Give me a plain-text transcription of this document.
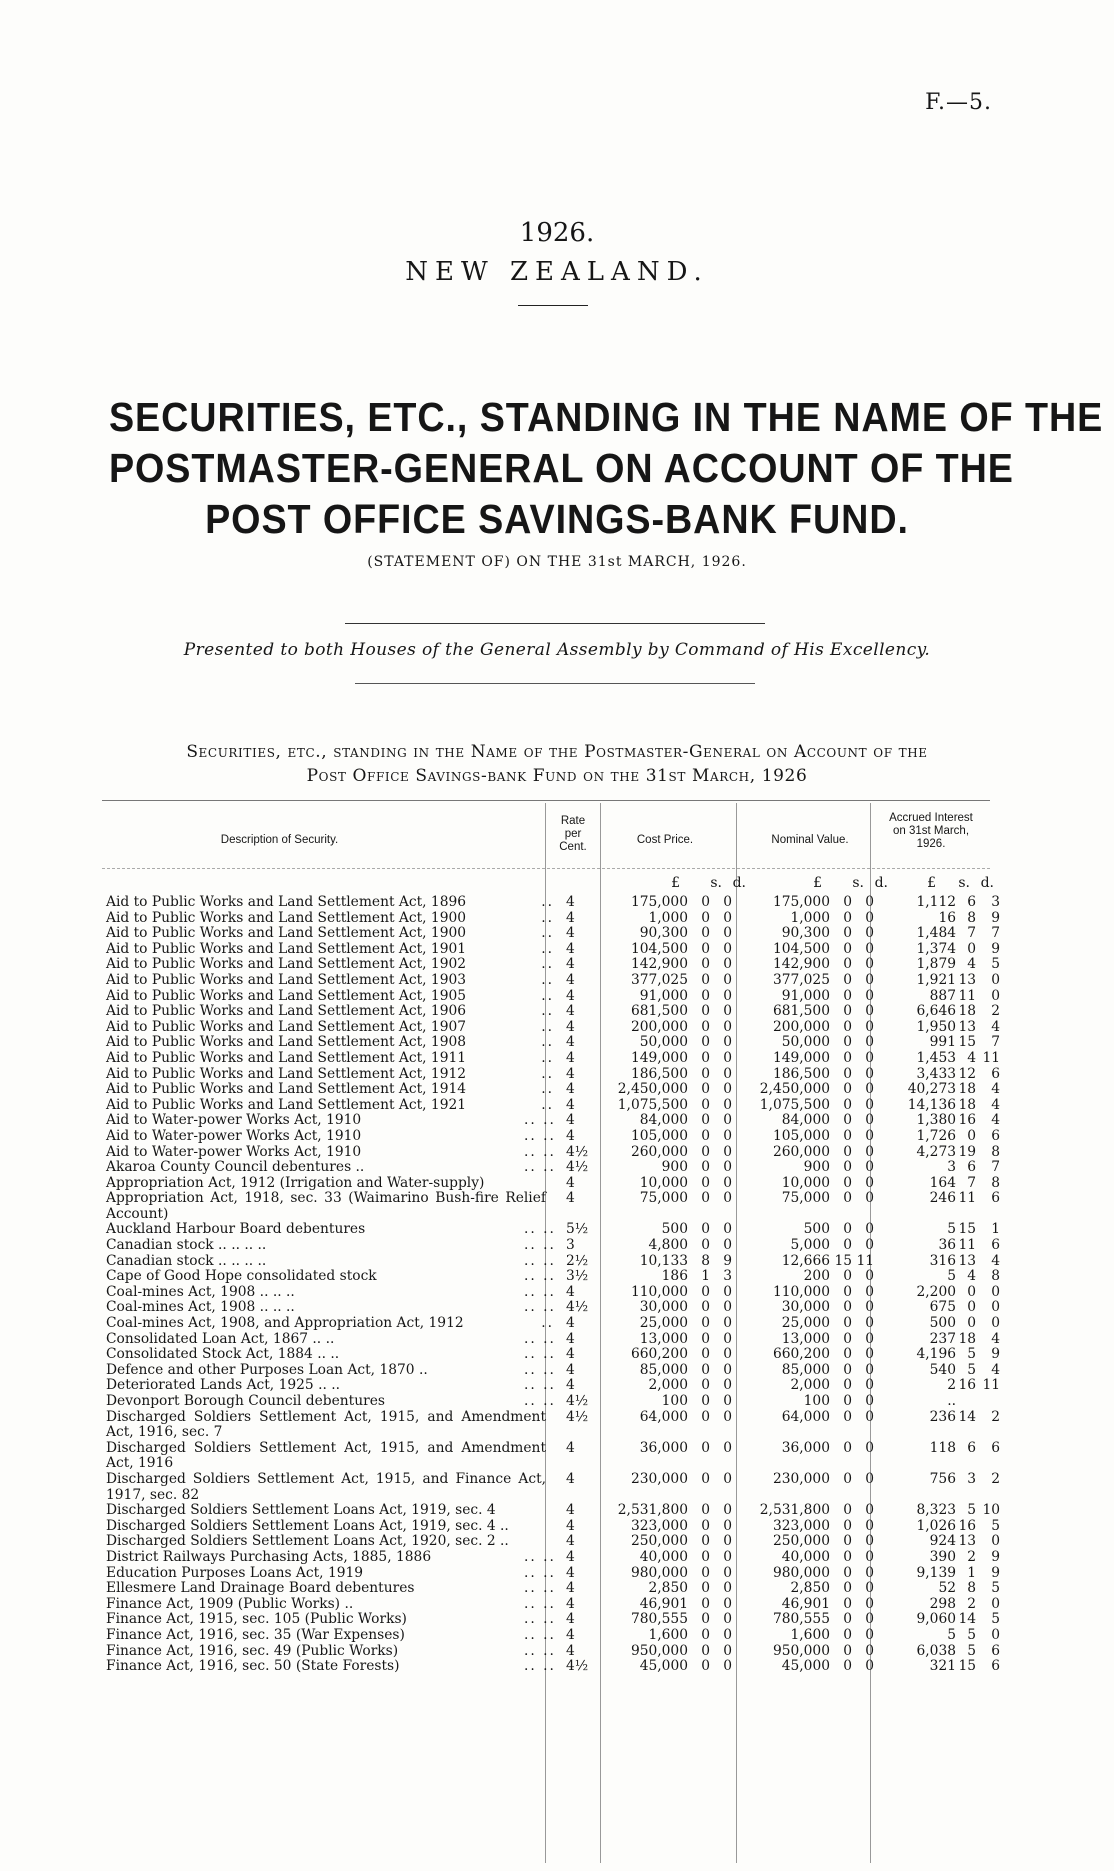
F.—5.
1926.
NEW ZEALAND.
SECURITIES, ETC., STANDING IN THE NAME OF THE
POSTMASTER-GENERAL ON ACCOUNT OF THE
POST OFFICE SAVINGS-BANK FUND.
(STATEMENT OF) ON THE 31st MARCH, 1926.
Presented to both Houses of the General Assembly by Command of His Excellency.
Securities, etc., standing in the Name of the Postmaster-General on Account of the
Post Office Savings-bank Fund on the 31st March, 1926
Description of Security.
Rate
per
Cent.
Cost Price.	Nominal Value.
Accrued Interest
on 31st March,
1926.
£	s. d.	£	s. d.	£	s. d.
Aid to Public Works and Land Settlement Act, 1896	.. 4	175,000 0 0	175,000 0 0	1,112 6	3
Aid to Public Works and Land Settlement Act, 1900	.. 4	1,000 0 0	1,000 0 0	16 8	9
Aid to Public Works and Land Settlement Act, 1900	.. 4	90,300 0 0	90,300 0 0	1,484 7	7
Aid to Public Works and Land Settlement Act, 1901	.. 4	104,500 0 0	104,500 0 0	1,374 0	9
Aid to Public Works and Land Settlement Act, 1902	.. 4	142,900 0 0	142,900 0 0	1,879 4	5
Aid to Public Works and Land Settlement Act, 1903	.. 4	377,025 0 0	377,025 0 0	1,921 13	0
Aid to Public Works and Land Settlement Act, 1905	.. 4	91,000 0 0	91,000 0 0	887 11	0
Aid to Public Works and Land Settlement Act, 1906	.. 4	681,500 0 0	681,500 0 0	6,646 18	2
Aid to Public Works and Land Settlement Act, 1907	.. 4	200,000 0 0	200,000 0 0	1,950 13	4
Aid to Public Works and Land Settlement Act, 1908	.. 4	50,000 0 0	50,000 0 0	991 15	7
Aid to Public Works and Land Settlement Act, 1911	.. 4	149,000 0 0	149,000 0 0	1,453 4 11
Aid to Public Works and Land Settlement Act, 1912	.. 4	186,500 0 0	186,500 0 0	3,433 12	6
Aid to Public Works and Land Settlement Act, 1914	.. 4	2,450,000 0 0	2,450,000 0 0	40,273 18	4
Aid to Public Works and Land Settlement Act, 1921	.. 4	1,075,500 0 0	1,075,500 0 0	14,136 18	4
Aid to Water-power Works Act, 1910	.. .. 4	84,000 0 0	84,000 0 0	1,380 16	4
Aid to Water-power Works Act, 1910	.. .. 4	105,000 0 0	105,000 0 0	1,726 0	6
Aid to Water-power Works Act, 1910	.. .. 4½	260,000 0 0	260,000 0 0	4,273 19	8
Akaroa County Council debentures ..	.. .. 4½	900 0 0	900 0 0	3 6	7
Appropriation Act, 1912 (Irrigation and Water-supply)	4	10,000 0 0	10,000 0 0	164 7	8
Appropriation Act, 1918, sec. 33 (Waimarino Bush-fire Relief Account)
4	75,000 0 0	75,000 0 0	246 11	6
Auckland Harbour Board debentures	.. .. 5½	500 0 0	500 0 0	5 15	1
Canadian stock .. .. .. ..	.. .. 3	4,800 0 0	5,000 0 0	36 11	6
Canadian stock .. .. .. ..	.. .. 2½	10,133 8 9	12,666 15 11	316 13	4
Cape of Good Hope consolidated stock	.. .. 3½	186 1 3	200 0 0	5 4	8
Coal-mines Act, 1908 .. .. ..	.. .. 4	110,000 0 0	110,000 0 0	2,200 0	0
Coal-mines Act, 1908 .. .. ..	.. .. 4½	30,000 0 0	30,000 0 0	675 0	0
Coal-mines Act, 1908, and Appropriation Act, 1912	.. 4	25,000 0 0	25,000 0 0	500 0	0
Consolidated Loan Act, 1867 .. ..	.. .. 4	13,000 0 0	13,000 0 0	237 18	4
Consolidated Stock Act, 1884 .. ..	.. .. 4	660,200 0 0	660,200 0 0	4,196 5	9
Defence and other Purposes Loan Act, 1870 ..	.. .. 4	85,000 0 0	85,000 0 0	540 5	4
Deteriorated Lands Act, 1925 .. ..	.. .. 4	2,000 0 0	2,000 0 0	2 16 11
Devonport Borough Council debentures	.. .. 4½	100 0 0	100 0 0	..
Discharged Soldiers Settlement Act, 1915, and Amendment Act, 1916, sec. 7
4½	64,000 0 0	64,000 0 0	236 14	2
Discharged Soldiers Settlement Act, 1915, and Amendment Act, 1916
4	36,000 0 0	36,000 0 0	118 6	6
Discharged Soldiers Settlement Act, 1915, and Finance Act, 1917, sec. 82
4	230,000 0 0	230,000 0 0	756 3	2
Discharged Soldiers Settlement Loans Act, 1919, sec. 4	4	2,531,800 0 0	2,531,800 0 0	8,323 5 10
Discharged Soldiers Settlement Loans Act, 1919, sec. 4 ..	4	323,000 0 0	323,000 0 0	1,026 16	5
Discharged Soldiers Settlement Loans Act, 1920, sec. 2 ..	4	250,000 0 0	250,000 0 0	924 13	0
District Railways Purchasing Acts, 1885, 1886	.. .. 4	40,000 0 0	40,000 0 0	390 2	9
Education Purposes Loans Act, 1919	.. .. 4	980,000 0 0	980,000 0 0	9,139 1	9
Ellesmere Land Drainage Board debentures	.. .. 4	2,850 0 0	2,850 0 0	52 8	5
Finance Act, 1909 (Public Works) ..	.. .. 4	46,901 0 0	46,901 0 0	298 2	0
Finance Act, 1915, sec. 105 (Public Works)	.. .. 4	780,555 0 0	780,555 0 0	9,060 14	5
Finance Act, 1916, sec. 35 (War Expenses)	.. .. 4	1,600 0 0	1,600 0 0	5 5	0
Finance Act, 1916, sec. 49 (Public Works)	.. .. 4	950,000 0 0	950,000 0 0	6,038 5	6
Finance Act, 1916, sec. 50 (State Forests)	.. .. 4½	45,000 0 0	45,000 0 0	321 15	6
